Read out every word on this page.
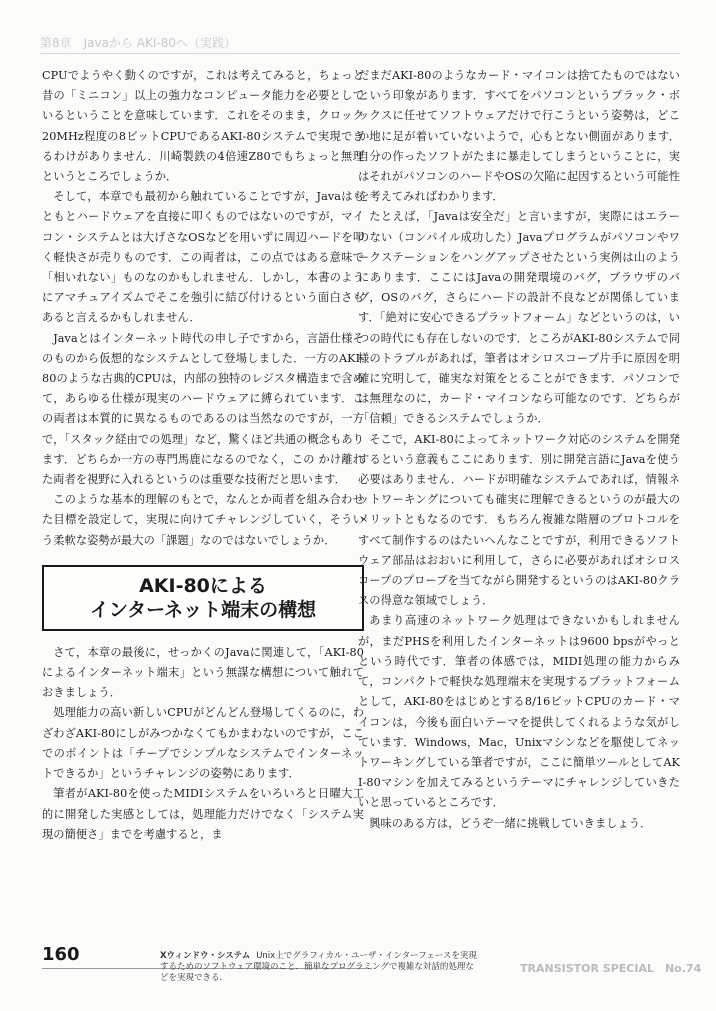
第8章　Javaから AKI-80へ（実践）

CPUでようやく動くのですが，これは考えてみると，ちょっと昔の「ミニコン」以上の強力なコンピュータ能力を必要としているということを意味しています．これをそのまま，クロック20MHz程度の8ビットCPUであるAKI-80システムで実現できるわけがありません．川崎製鉄の4倍速Z80でもちょっと無理というところでしょうか．

そして，本章でも最初から触れていることですが，Javaはもともとハードウェアを直接に叩くものではないのですが，マイコン・システムとは大げさなOSなどを用いずに周辺ハードを叩く軽快さが売りものです．この両者は，この点ではある意味で「相いれない」ものなのかもしれません．しかし，本書のようにアマチュアイズムでそこを強引に結び付けるという面白さもあると言えるかもしれません．

Javaとはインターネット時代の申し子ですから，言語仕様そのものから仮想的なシステムとして登場しました．一方のAKI-80のような古典的CPUは，内部の独特のレジスタ構造まで含めて，あらゆる仕様が現実のハードウェアに縛られています．この両者は本質的に異なるものであるのは当然なのですが，一方で，「スタック経由での処理」など，驚くほど共通の概念もあります．どちらか一方の専門馬鹿になるのでなく，この かけ離れた両者を視野に入れるというのは重要な技術だと思います．

このような基本的理解のもとで，なんとか両者を組み合わせた目標を設定して，実現に向けてチャレンジしていく，そういう柔軟な姿勢が最大の「課題」なのではないでしょうか．

AKI-80による
インターネット端末の構想

さて，本章の最後に，せっかくのJavaに関連して，「AKI-80によるインターネット端末」という無謀な構想について触れておきましょう．

処理能力の高い新しいCPUがどんどん登場してくるのに，わざわざAKI-80にしがみつかなくてもかまわないのですが，ここでのポイントは「チープでシンプルなシステムでインターネットできるか」というチャレンジの姿勢にあります．

筆者がAKI-80を使ったMIDIシステムをいろいろと日曜大工的に開発した実感としては，処理能力だけでなく「システム実現の簡便さ」までを考慮すると，ま

だまだAKI-80のようなカード・マイコンは捨てたものではないという印象があります．すべてをパソコンというブラック・ボックスに任せてソフトウェアだけで行こうという姿勢は，どこか地に足が着いていないようで，心もとない側面があります．自分の作ったソフトがたまに暴走してしまうということに，実はそれがパソコンのハードやOSの欠陥に起因するという可能性を考えてみればわかります．

たとえば，「Javaは安全だ」と言いますが，実際にはエラーのない（コンパイル成功した）Javaプログラムがパソコンやワークステーションをハングアップさせたという実例は山のようにあります．ここにはJavaの開発環境のバグ，ブラウザのバグ，OSのバグ，さらにハードの設計不良などが関係しています．「絶対に安心できるプラットフォーム」などというのは，いつの時代にも存在しないのです．ところがAKI-80システムで同様のトラブルがあれば，筆者はオシロスコープ片手に原因を明確に究明して，確実な対策をとることができます．パソコンでは無理なのに，カード・マイコンなら可能なのです．どちらが「信頼」できるシステムでしょうか．

そこで，AKI-80によってネットワーク対応のシステムを開発するという意義もここにあります．別に開発言語にJavaを使う必要はありません．ハードが明確なシステムであれば，情報ネットワーキングについても確実に理解できるというのが最大のメリットともなるのです．もちろん複雑な階層のプロトコルをすべて制作するのはたいへんなことですが，利用できるソフトウェア部品はおおいに利用して，さらに必要があればオシロスコープのプローブを当てながら開発するというのはAKI-80クラスの得意な領域でしょう．

あまり高速のネットワーク処理はできないかもしれませんが，まだPHSを利用したインターネットは9600 bpsがやっとという時代です．筆者の体感では，MIDI処理の能力からみて，コンパクトで軽快な処理端末を実現するプラットフォームとして，AKI-80をはじめとする8/16ビットCPUのカード・マイコンは，今後も面白いテーマを提供してくれるような気がしています．Windows，Mac，Unixマシンなどを駆使してネットワーキングしている筆者ですが，ここに簡単ツールとしてAKI-80マシンを加えてみるというテーマにチャレンジしていきたいと思っているところです．

興味のある方は，どうぞ一緒に挑戦していきましょう．

160	Xウィンドウ・システム Unix上でグラフィカル・ユーザ・インターフェースを実現するためのソフトウェア環境のこと．簡単なプログラミングで複雑な対話的処理などを実現できる．
TRANSISTOR SPECIAL　No.74
